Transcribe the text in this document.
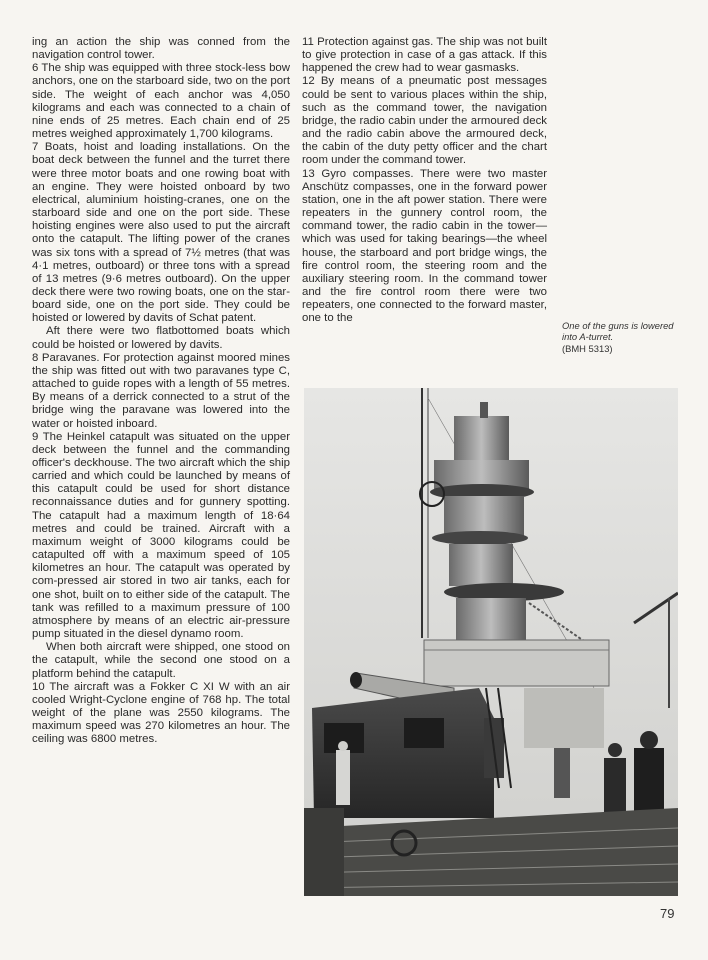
ing an action the ship was conned from the navigation control tower.

6 The ship was equipped with three stock-less bow anchors, one on the starboard side, two on the port side. The weight of each anchor was 4,050 kilograms and each was connected to a chain of nine ends of 25 metres. Each chain end of 25 metres weighed approximately 1,700 kilograms.

7 Boats, hoist and loading installations. On the boat deck between the funnel and the turret there were three motor boats and one rowing boat with an engine. They were hoisted onboard by two electrical, aluminium hoisting-cranes, one on the starboard side and one on the port side. These hoisting engines were also used to put the aircraft onto the catapult. The lifting power of the cranes was six tons with a spread of 7½ metres (that was 4·1 metres, outboard) or three tons with a spread of 13 metres (9·6 metres outboard). On the upper deck there were two rowing boats, one on the star-board side, one on the port side. They could be hoisted or lowered by davits of Schat patent.

Aft there were two flatbottomed boats which could be hoisted or lowered by davits.

8 Paravanes. For protection against moored mines the ship was fitted out with two paravanes type C, attached to guide ropes with a length of 55 metres. By means of a derrick connected to a strut of the bridge wing the paravane was lowered into the water or hoisted inboard.

9 The Heinkel catapult was situated on the upper deck between the funnel and the commanding officer's deckhouse. The two aircraft which the ship carried and which could be launched by means of this catapult could be used for short distance reconnaissance duties and for gunnery spotting. The catapult had a maximum length of 18·64 metres and could be trained. Aircraft with a maximum weight of 3000 kilograms could be catapulted off with a maximum speed of 105 kilometres an hour. The catapult was operated by com-pressed air stored in two air tanks, each for one shot, built on to either side of the catapult. The tank was refilled to a maximum pressure of 100 atmosphere by means of an electric air-pressure pump situated in the diesel dynamo room.

When both aircraft were shipped, one stood on the catapult, while the second one stood on a platform behind the catapult.

10 The aircraft was a Fokker C XI W with an air cooled Wright-Cyclone engine of 768 hp. The total weight of the plane was 2550 kilograms. The maximum speed was 270 kilometres an hour. The ceiling was 6800 metres.

11 Protection against gas. The ship was not built to give protection in case of a gas attack. If this happened the crew had to wear gasmasks.

12 By means of a pneumatic post messages could be sent to various places within the ship, such as the command tower, the navigation bridge, the radio cabin under the armoured deck and the radio cabin above the armoured deck, the cabin of the duty petty officer and the chart room under the command tower.

13 Gyro compasses. There were two master Anschütz compasses, one in the forward power station, one in the aft power station. There were repeaters in the gunnery control room, the command tower, the radio cabin in the tower—which was used for taking bearings—the wheel house, the starboard and port bridge wings, the fire control room, the steering room and the auxiliary steering room. In the command tower and the fire control room there were two repeaters, one connected to the forward master, one to the

One of the guns is lowered into A-turret.
(BMH 5313)
79
